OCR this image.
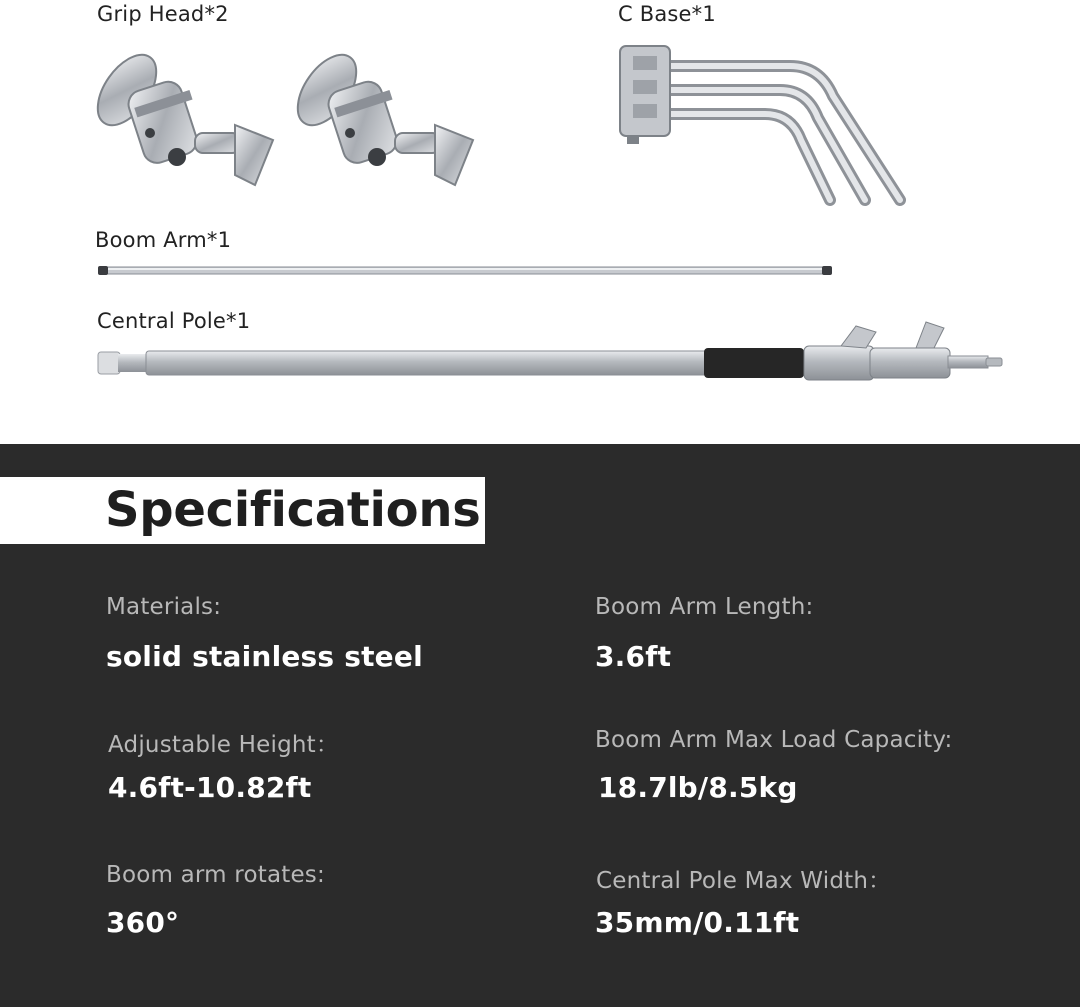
Grip Head*2	C Base*1
Boom Arm*1
Central Pole*1
Specifications
Materials:
solid stainless steel
Boom Arm Length:
3.6ft
Adjustable Height：
4.6ft-10.82ft
Boom Arm Max Load Capacity:
18.7lb/8.5kg
Boom arm rotates:
360°
Central Pole Max Width：
35mm/0.11ft
